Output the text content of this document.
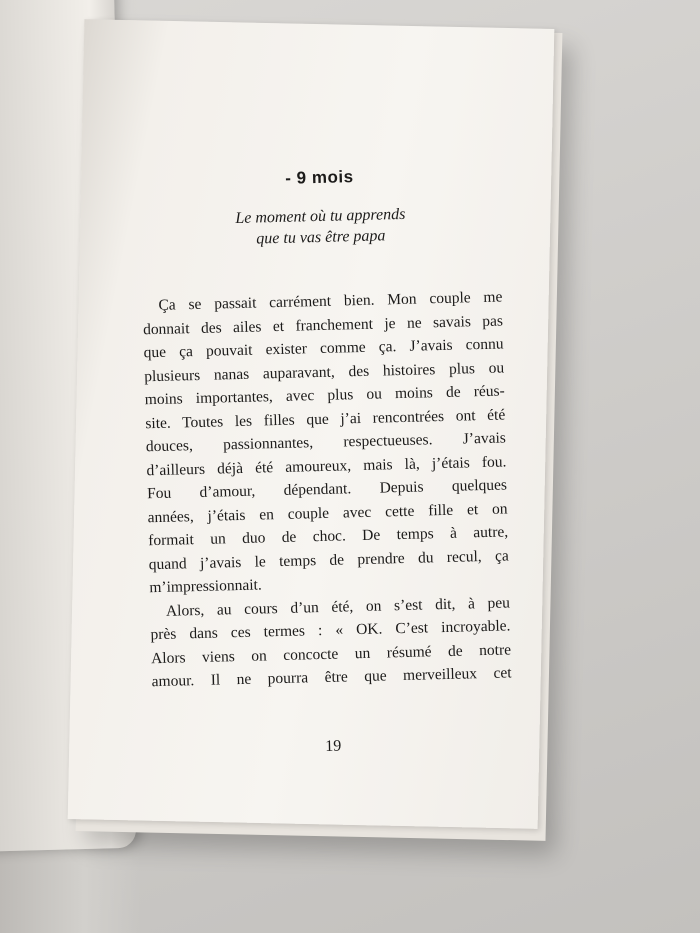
- 9 mois
Le moment où tu apprends
que tu vas être papa
Ça se passait carrément bien. Mon couple me
donnait des ailes et franchement je ne savais pas
que ça pouvait exister comme ça. J’avais connu
plusieurs nanas auparavant, des histoires plus ou
moins importantes, avec plus ou moins de réus-
site. Toutes les filles que j’ai rencontrées ont été
douces, passionnantes, respectueuses. J’avais
d’ailleurs déjà été amoureux, mais là, j’étais fou.
Fou d’amour, dépendant. Depuis quelques
années, j’étais en couple avec cette fille et on
formait un duo de choc. De temps à autre,
quand j’avais le temps de prendre du recul, ça
m’impressionnait.
Alors, au cours d’un été, on s’est dit, à peu
près dans ces termes : « OK. C’est incroyable.
Alors viens on concocte un résumé de notre
amour. Il ne pourra être que merveilleux cet
19
